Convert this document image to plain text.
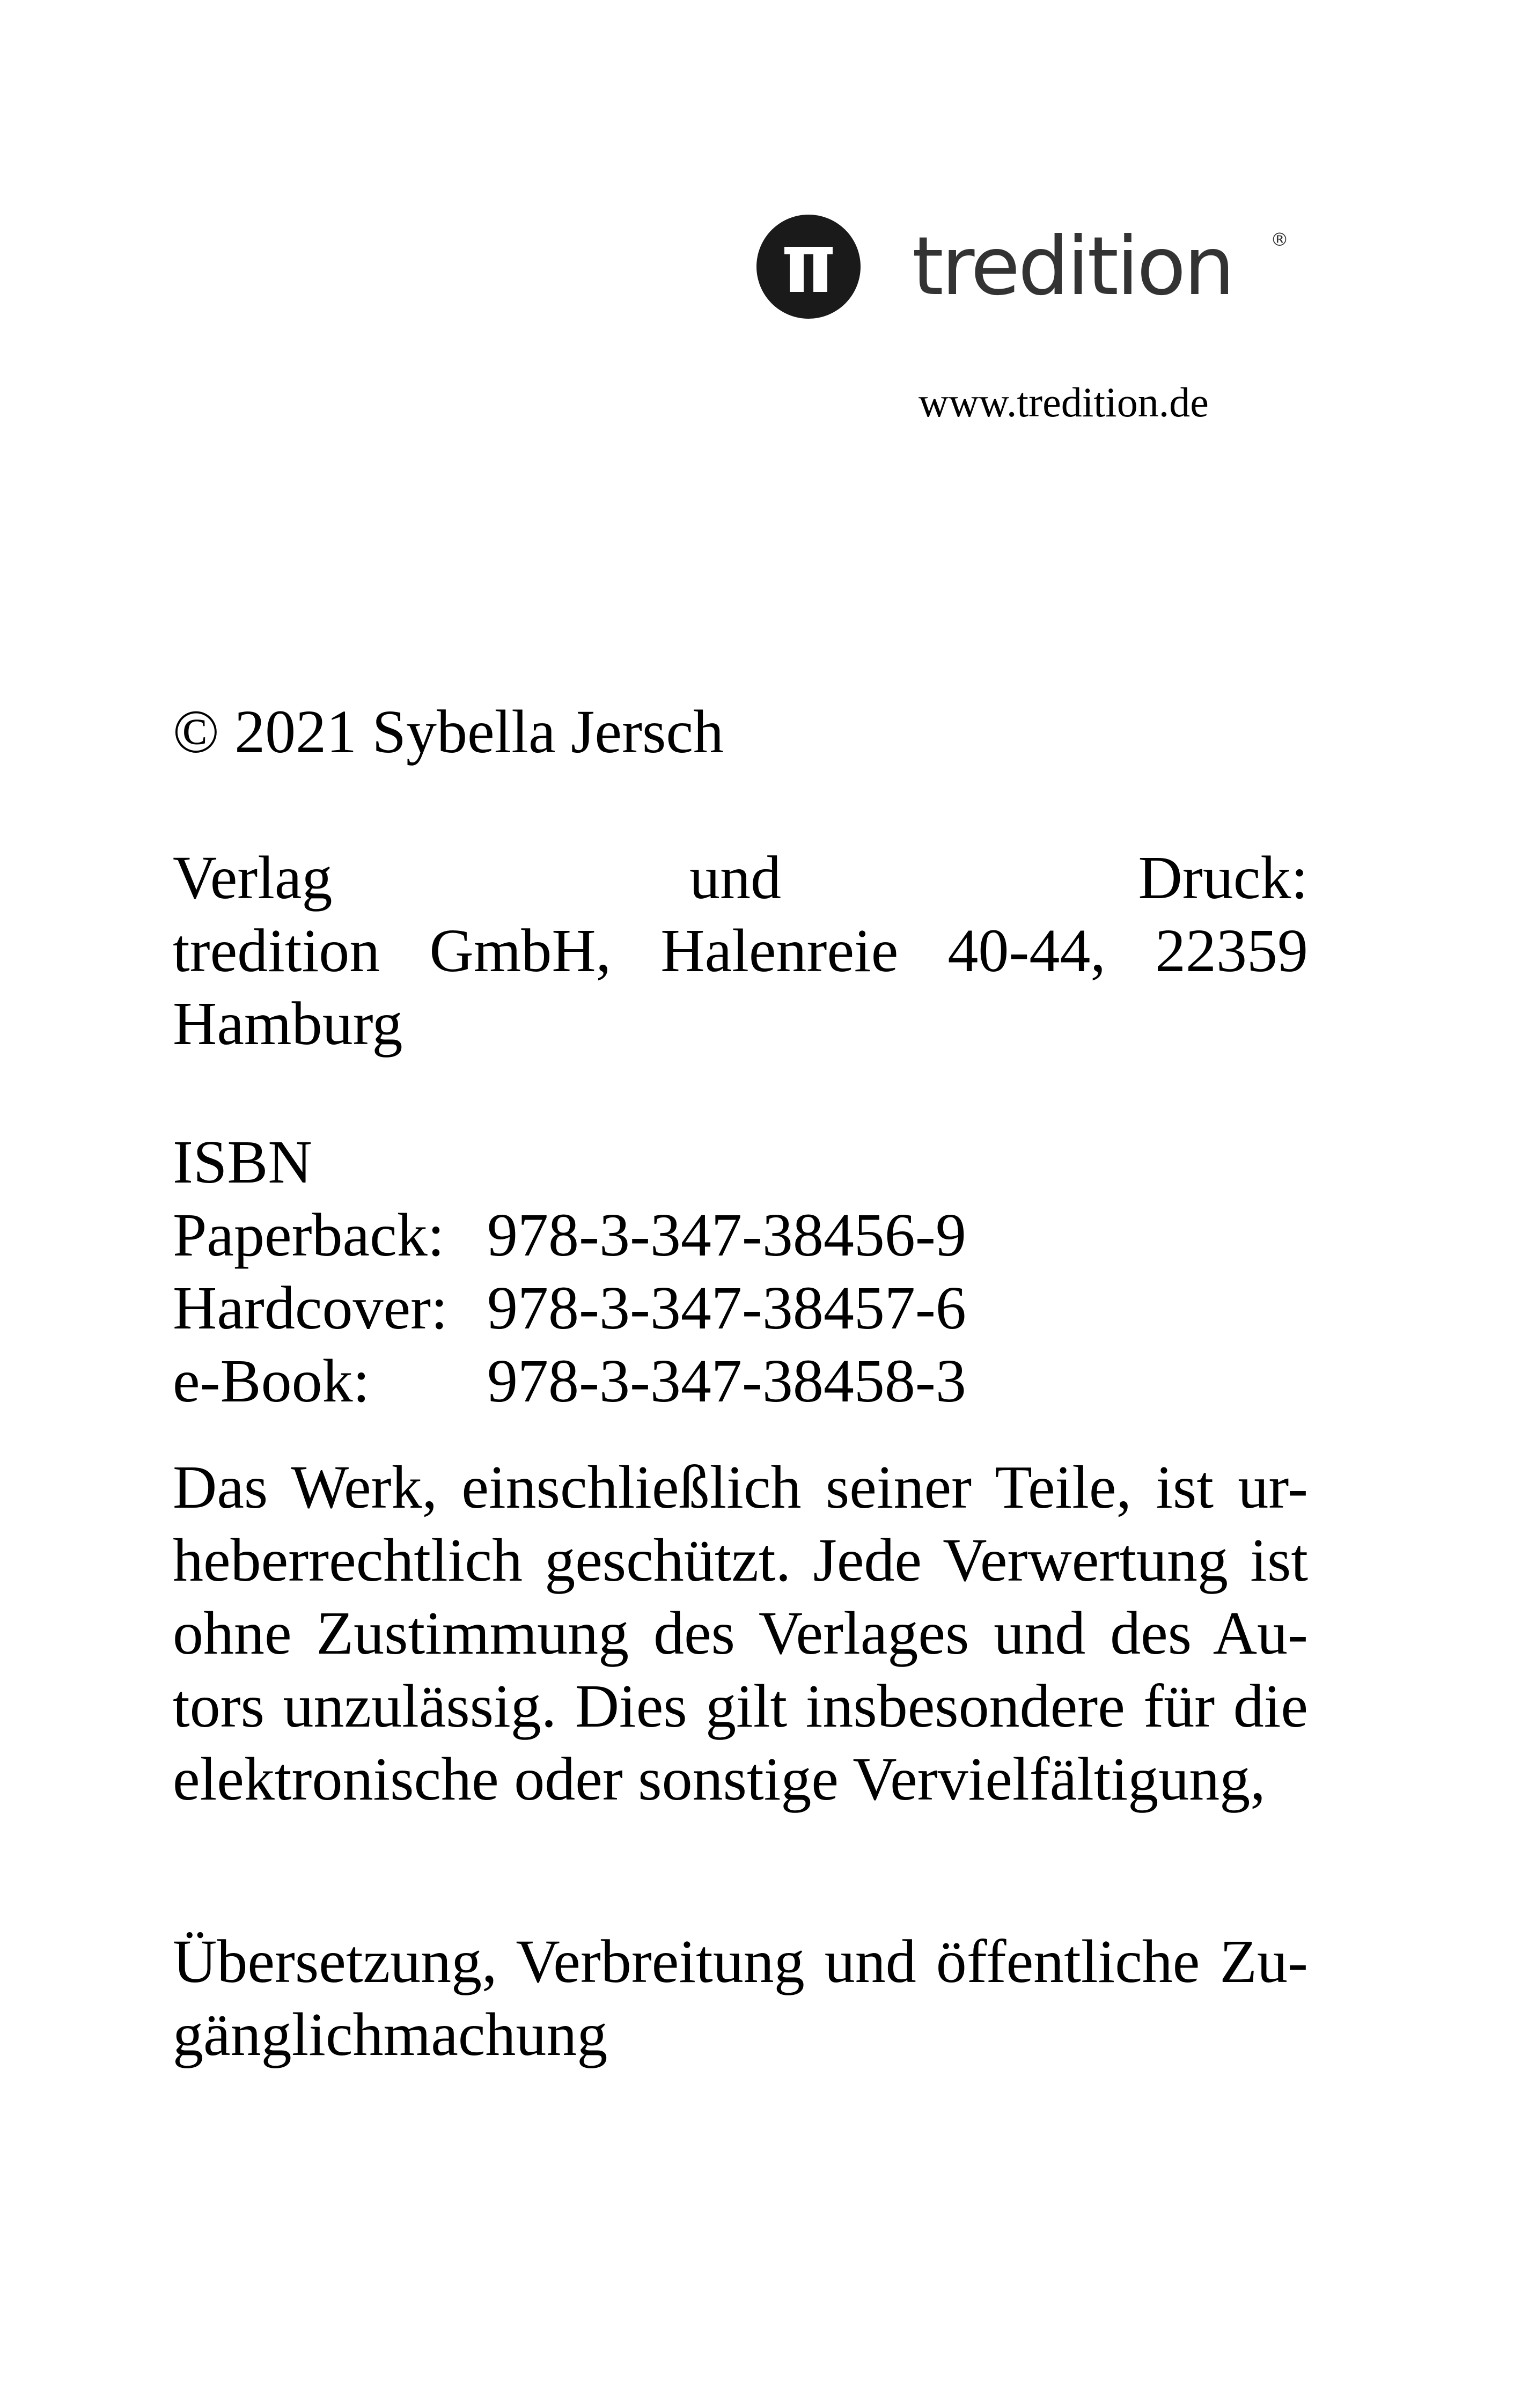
tredition ®
www.tredition.de
© 2021 Sybella Jersch
Verlag	und	Druck:
tredition GmbH, Halenreie 40-44, 22359
Hamburg
ISBN
Paperback: 978-3-347-38456-9
Hardcover: 978-3-347-38457-6
e-Book:	978-3-347-38458-3

Das Werk, einschließlich seiner Teile, ist ur-

heberrechtlich geschützt. Jede Verwertung ist

ohne Zustimmung des Verlages und des Au-

tors unzulässig. Dies gilt insbesondere für die

elektronische oder sonstige Vervielfältigung,

Übersetzung, Verbreitung und öffentliche Zu-

gänglichmachung
